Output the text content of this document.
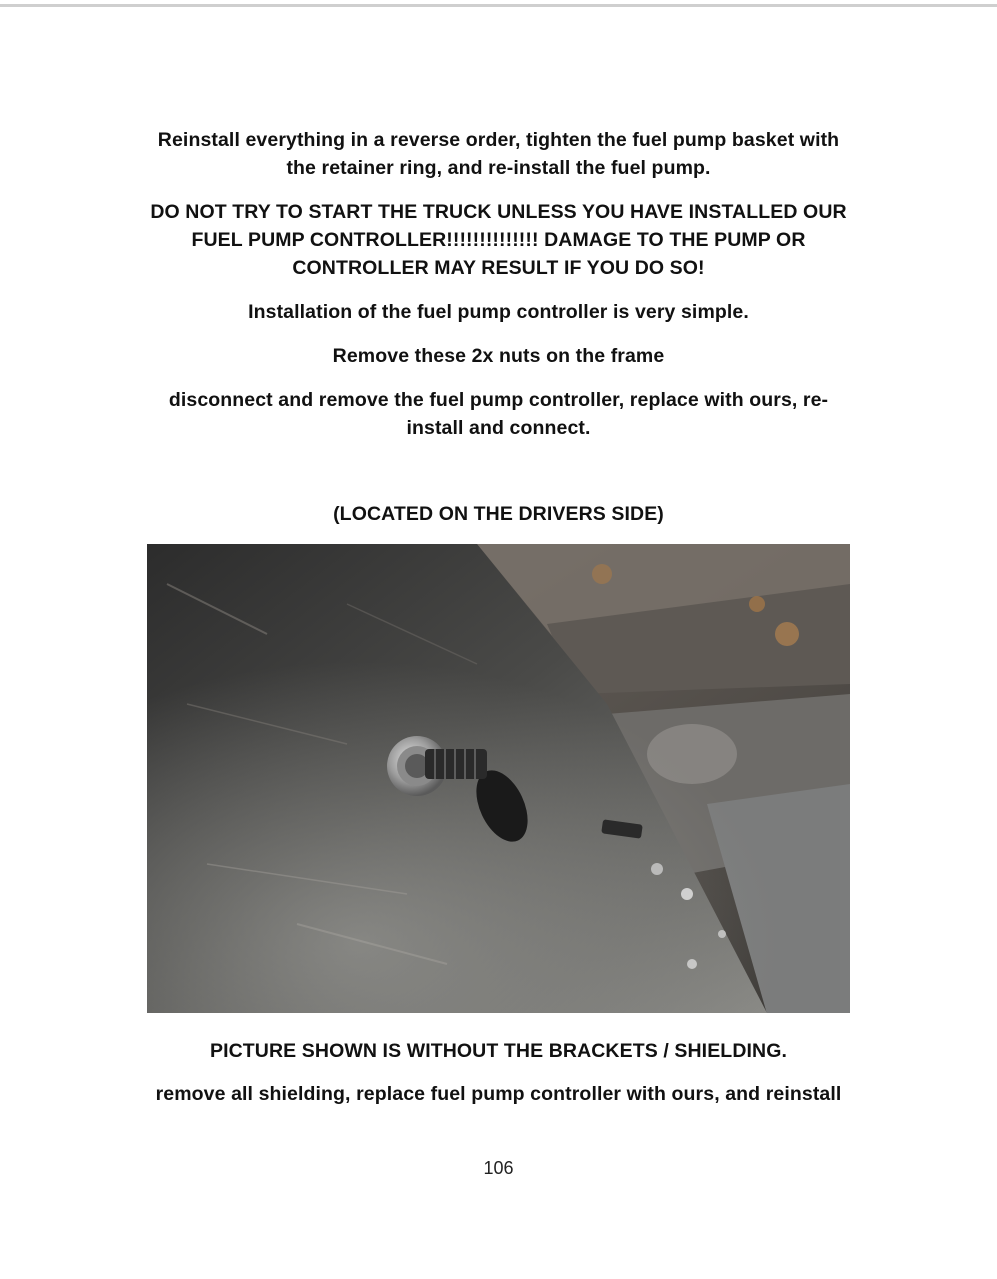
Reinstall everything in a reverse order, tighten the fuel pump basket with
the retainer ring, and re-install the fuel pump.

DO NOT TRY TO START THE TRUCK UNLESS YOU HAVE INSTALLED OUR
FUEL PUMP CONTROLLER!!!!!!!!!!!!!! DAMAGE TO THE PUMP OR
CONTROLLER MAY RESULT IF YOU DO SO!

Installation of the fuel pump controller is very simple.

Remove these 2x nuts on the frame

disconnect and remove the fuel pump controller, replace with ours, re-
install and connect.

(LOCATED ON THE DRIVERS SIDE)

PICTURE SHOWN IS WITHOUT THE BRACKETS / SHIELDING.

remove all shielding, replace fuel pump controller with ours, and reinstall

106
